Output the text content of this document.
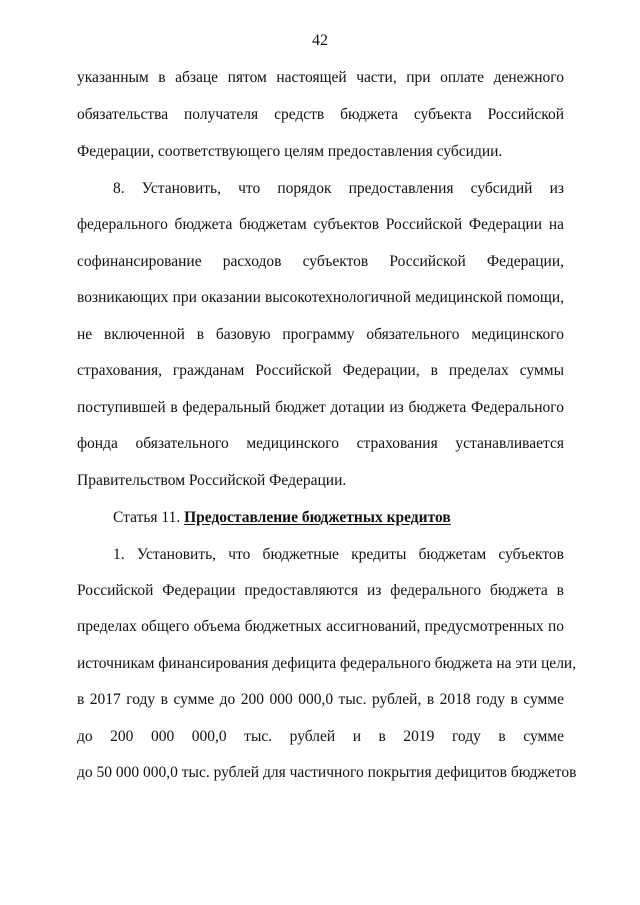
42
указанным в абзаце пятом настоящей части, при оплате денежного
обязательства получателя средств бюджета субъекта Российской
Федерации, соответствующего целям предоставления субсидии.
8. Установить, что порядок предоставления субсидий из
федерального бюджета бюджетам субъектов Российской Федерации на
софинансирование расходов субъектов Российской Федерации,
возникающих при оказании высокотехнологичной медицинской помощи,
не включенной в базовую программу обязательного медицинского
страхования, гражданам Российской Федерации, в пределах суммы
поступившей в федеральный бюджет дотации из бюджета Федерального
фонда обязательного медицинского страхования устанавливается
Правительством Российской Федерации.
Статья 11. Предоставление бюджетных кредитов
1. Установить, что бюджетные кредиты бюджетам субъектов
Российской Федерации предоставляются из федерального бюджета в
пределах общего объема бюджетных ассигнований, предусмотренных по
источникам финансирования дефицита федерального бюджета на эти цели,
в 2017 году в сумме до 200 000 000,0 тыс. рублей, в 2018 году в сумме
до 200 000 000,0 тыс. рублей и в 2019 году в сумме
до 50 000 000,0 тыс. рублей для частичного покрытия дефицитов бюджетов
